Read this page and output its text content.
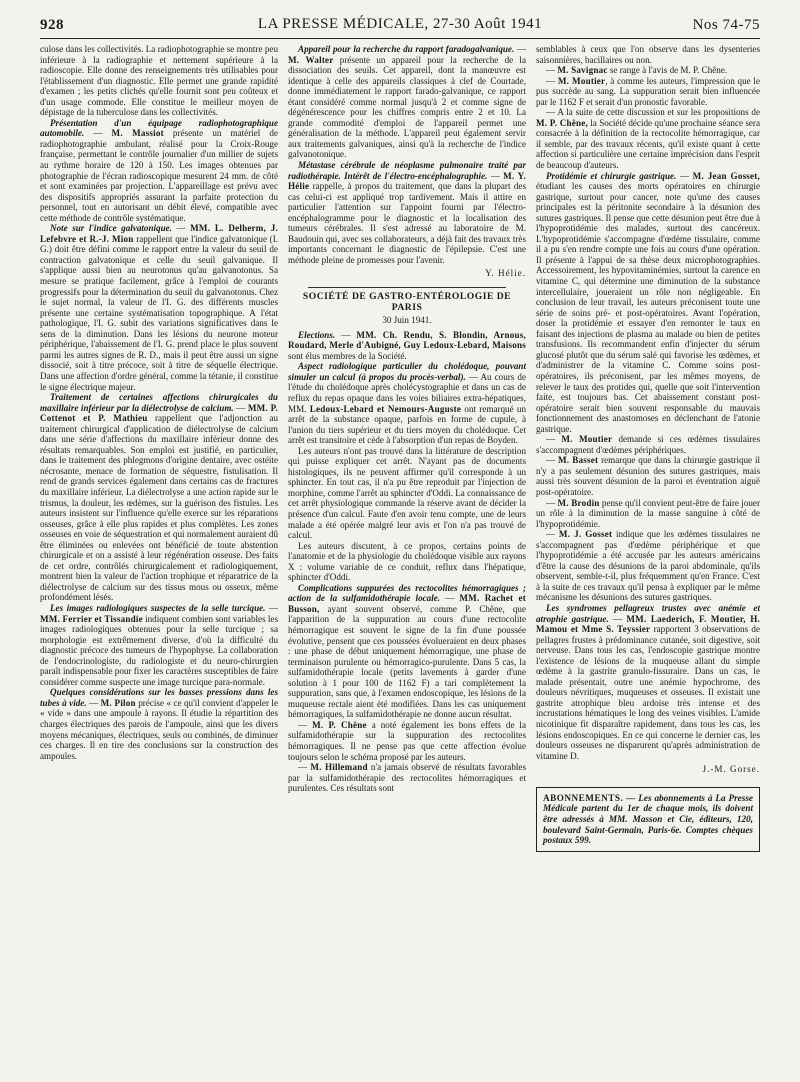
928	LA PRESSE MÉDICALE, 27-30 Août 1941	Nos 74-75

culose dans les collectivités. La radiophotographie se montre peu inférieure à la radiographie et nettement supérieure à la radioscopie. Elle donne des renseignements très utilisables pour l'établissement d'un diagnostic. Elle permet une grande rapidité d'examen ; les petits clichés qu'elle fournit sont peu coûteux et d'un usage commode. Elle constitue le meilleur moyen de dépistage de la tuberculose dans les collectivités.

Présentation d'un équipage radiophotographique automobile. — M. Massiot présente un matériel de radiophotographie ambulant, réalisé pour la Croix-Rouge française, permettant le contrôle journalier d'un millier de sujets au rythme horaire de 120 à 150. Les images obtenues par photographie de l'écran radioscopique mesurent 24 mm. de côté et sont examinées par projection. L'appareillage est prévu avec des dispositifs appropriés assurant la parfaite protection du personnel, tout en autorisant un débit élevé, compatible avec cette méthode de contrôle systématique.

Note sur l'indice galvatonique. — MM. L. Delherm, J. Lefebvre et R.-J. Mion rappellent que l'indice galvatonique (I. G.) doit être défini comme le rapport entre la valeur du seuil de contraction galvatonique et celle du seuil galvanique. Il s'applique aussi bien au neurotonus qu'au galvanotonus. Sa mesure se pratique facilement, grâce à l'emploi de courants progressifs pour la détermination du seuil du galvanotonus. Chez le sujet normal, la valeur de l'I. G. des différents muscles présente une certaine systématisation topographique. A l'état pathologique, l'I. G. subit des variations significatives dans le sens de la diminution. Dans les lésions du neurone moteur périphérique, l'abaissement de l'I. G. prend place le plus souvent parmi les autres signes de R. D., mais il peut être aussi un signe dissocié, soit à titre précoce, soit à titre de séquelle électrique. Dans une affection d'ordre général, comme la tétanie, il constitue le signe électrique majeur.

Traitement de certaines affections chirurgicales du maxillaire inférieur par la diélectrolyse de calcium. — MM. P. Cottenot et P. Mathieu rappellent que l'adjonction au traitement chirurgical d'application de diélectrolyse de calcium dans une série d'affections du maxillaire inférieur donne des résultats remarquables. Son emploi est justifié, en particulier, dans le traitement des phlegmons d'origine dentaire, avec ostéite nécrosante, menace de formation de séquestre, fistulisation. Il rend de grands services également dans certains cas de fractures du maxillaire inférieur. La diélectrolyse a une action rapide sur le trismus, la douleur, les œdèmes, sur la guérison des fistules. Les auteurs insistent sur l'influence qu'elle exerce sur les réparations osseuses, grâce à elle plus rapides et plus complètes. Les zones osseuses en voie de séquestration et qui normalement auraient dû être éliminées ou enlevées ont bénéficié de toute abstention chirurgicale et on a assisté à leur régénération osseuse. Des faits de cet ordre, contrôlés chirurgicalement et radiologiquement, montrent bien la valeur de l'action trophique et réparatrice de la diélectrolyse de calcium sur des tissus mous ou osseux, même profondément lésés.

Les images radiologiques suspectes de la selle turcique. — MM. Ferrier et Tissandie indiquent combien sont variables les images radiologiques obtenues pour la selle turcique ; sa morphologie est extrêmement diverse, d'où la difficulté du diagnostic précoce des tumeurs de l'hypophyse. La collaboration de l'endocrinologiste, du radiologiste et du neuro-chirurgien paraît indispensable pour fixer les caractères susceptibles de faire considérer comme suspecte une image turcique para-normale.

Quelques considérations sur les basses pressions dans les tubes à vide. — M. Pilon précise « ce qu'il convient d'appeler le « vide » dans une ampoule à rayons. Il étudie la répartition des charges électriques des parois de l'ampoule, ainsi que les divers moyens mécaniques, électriques, seuls ou combinés, de diminuer ces charges. Il en tire des conclusions sur la construction des ampoules.

Appareil pour la recherche du rapport faradogalvanique. — M. Walter présente un appareil pour la recherche de la dissociation des seuils. Cet appareil, dont la manœuvre est identique à celle des appareils classiques à clef de Courtade, donne immédiatement le rapport farado-galvanique, ce rapport étant considéré comme normal jusqu'à 2 et comme signe de dégénérescence pour les chiffres compris entre 2 et 10. La grande commodité d'emploi de l'appareil permet une généralisation de la méthode. L'appareil peut également servir aux traitements galvaniques, ainsi qu'à la recherche de l'indice galvanotonique.

Métastase cérébrale de néoplasme pulmonaire traité par radiothérapie. Intérêt de l'électro-encéphalographie. — M. Y. Hélie rappelle, à propos du traitement, que dans la plupart des cas celui-ci est appliqué trop tardivement. Mais il attire en particulier l'attention sur l'appoint fourni par l'électro-encéphalogramme pour le diagnostic et la localisation des tumeurs cérébrales. Il s'est adressé au laboratoire de M. Baudouin qui, avec ses collaborateurs, a déjà fait des travaux très importants concernant le diagnostic de l'épilepsie. C'est une méthode pleine de promesses pour l'avenir.

Y. Hélie.

SOCIÉTÉ DE GASTRO-ENTÉROLOGIE DE PARIS
30 Juin 1941.

Elections. — MM. Ch. Rendu, S. Blondin, Arnous, Roudard, Merle d'Aubigné, Guy Ledoux-Lebard, Maisons sont élus membres de la Société.

Aspect radiologique particulier du cholédoque, pouvant simuler un calcul (à propos du procès-verbal). — Au cours de l'étude du cholédoque après cholécystographie et dans un cas de reflux du repas opaque dans les voies biliaires extra-hépatiques, MM. Ledoux-Lebard et Nemours-Auguste ont remarqué un arrêt de la substance opaque, parfois en forme de cupule, à l'union du tiers supérieur et du tiers moyen du cholédoque. Cet arrêt est transitoire et cède à l'absorption d'un repas de Boyden.

Les auteurs n'ont pas trouvé dans la littérature de description qui puisse expliquer cet arrêt. N'ayant pas de documents histologiques, ils ne peuvent affirmer qu'il corresponde à un sphincter. En tout cas, il n'a pu être reproduit par l'injection de morphine, comme l'arrêt au sphincter d'Oddi. La connaissance de cet arrêt physiologique commande la réserve avant de décider la présence d'un calcul. Faute d'en avoir tenu compte, une de leurs malade a été opérée malgré leur avis et l'on n'a pas trouvé de calcul.

Les auteurs discutent, à ce propos, certains points de l'anatomie et de la physiologie du cholédoque visible aux rayons X : volume variable de ce conduit, reflux dans l'hépatique, sphincter d'Oddi.

Complications suppurées des rectocolites hémorragiques ; action de la sulfamidothérapie locale. — MM. Rachet et Busson, ayant souvent observé, comme P. Chêne, que l'apparition de la suppuration au cours d'une rectocolite hémorragique est souvent le signe de la fin d'une poussée évolutive, pensent que ces poussées évolueraient en deux phases : une phase de début uniquement hémorragique, une phase de terminaison purulente ou hémorragico-purulente. Dans 5 cas, la sulfamidothérapie locale (petits lavements à garder d'une solution à 1 pour 100 de 1162 F) a tari complètement la suppuration, sans que, à l'examen endoscopique, les lésions de la muqueuse rectale aient été modifiées. Dans les cas uniquement hémorragiques, la sulfamidothérapie ne donne aucun résultat.

— M. P. Chêne a noté également les bons effets de la sulfamidothérapie sur la suppuration des rectocolites hémorragiques. Il ne pense pas que cette affection évolue toujours selon le schéma proposé par les auteurs.

— M. Hillemand n'a jamais observé de résultats favorables par la sulfamidothérapie des rectocolites hémorragiques et purulentes. Ces résultats sont

semblables à ceux que l'on observe dans les dysenteries saisonnières, bacillaires ou non.

— M. Savignac se range à l'avis de M. P. Chêne.

— M. Moutier, à comme les auteurs, l'impression que le pus succède au sang. La suppuration serait bien influencée par le 1162 F et serait d'un pronostic favorable.

— A la suite de cette discussion et sur les propositions de M. P. Chêne, la Société décide qu'une prochaine séance sera consacrée à la définition de la rectocolite hémorragique, car il semble, par des travaux récents, qu'il existe quant à cette affection si particulière une certaine imprécision dans l'esprit de beaucoup d'auteurs.

Protidémie et chirurgie gastrique. — M. Jean Gosset, étudiant les causes des morts opératoires en chirurgie gastrique, surtout pour cancer, note qu'une des causes principales est la péritonite secondaire à la désunion des sutures gastriques. Il pense que cette désunion peut être due à l'hypoprotidémie des malades, surtout des cancéreux. L'hypoprotidémie s'accompagne d'œdème tissulaire, comme il a pu s'en rendre compte une fois au cours d'une opération. Il présente à l'appui de sa thèse deux microphotographies. Accessoirement, les hypovitaminémies, surtout la carence en vitamine C, qui détermine une diminution de la substance intercellulaire, joueraient un rôle non négligeable. En conclusion de leur travail, les auteurs préconisent toute une série de soins pré- et post-opératoires. Avant l'opération, doser la protidémie et essayer d'en remonter le taux en faisant des injections de plasma au malade ou bien de petites transfusions. Ils recommandent enfin d'injecter du sérum glucosé plutôt que du sérum salé qui favorise les œdèmes, et d'administrer de la vitamine C. Comme soins post-opératoires, ils préconisent, par les mêmes moyens, de relever le taux des protides qui, quelle que soit l'intervention faite, est toujours bas. Cet abaissement constant post-opératoire serait bien souvent responsable du mauvais fonctionnement des anastomoses en déclenchant de l'atonie gastrique.

— M. Moutier demande si ces œdèmes tissulaires s'accompagnent d'œdèmes périphériques.

— M. Basset remarque que dans la chirurgie gastrique il n'y a pas seulement désunion des sutures gastriques, mais aussi très souvent désunion de la paroi et éventration aiguë post-opératoire.

— M. Brodin pense qu'il convient peut-être de faire jouer un rôle à la diminution de la masse sanguine à côté de l'hypoprotidémie.

— M. J. Gosset indique que les œdèmes tissulaires ne s'accompagnent pas d'œdème périphérique et que l'hypoprotidémie a été accusée par les auteurs américains d'être la cause des désunions de la paroi abdominale, qu'ils observent, semble-t-il, plus fréquemment qu'en France. C'est à la suite de ces travaux qu'il pensa à expliquer par le même mécanisme les désunions des sutures gastriques.

Les syndromes pellagreux trustes avec anémie et atrophie gastrique. — MM. Laederich, F. Moutier, H. Mamou et Mme S. Teyssier rapportent 3 observations de pellagres frustes à prédominance cutanée, soit digestive, soit nerveuse. Dans tous les cas, l'endoscopie gastrique montre l'existence de lésions de la muqueuse allant du simple œdème à la gastrite granulo-fissuraire. Dans un cas, le malade présentait, outre une anémie hypochrome, des douleurs névritiques, muqueuses et osseuses. Il existait une gastrite atrophique bleu ardoise très intense et des incrustations hématiques le long des veines visibles. L'amide nicotinique fit disparaître rapidement, dans tous les cas, les lésions endoscopiques. En ce qui concerne le dernier cas, les douleurs osseuses ne disparurent qu'après administration de vitamine D.

J.-M. Gorse.

ABONNEMENTS. — Les abonnements à La Presse Médicale partent du 1er de chaque mois, ils doivent être adressés à MM. Masson et Cie, éditeurs, 120, boulevard Saint-Germain, Paris-6e. Comptes chèques postaux 599.
